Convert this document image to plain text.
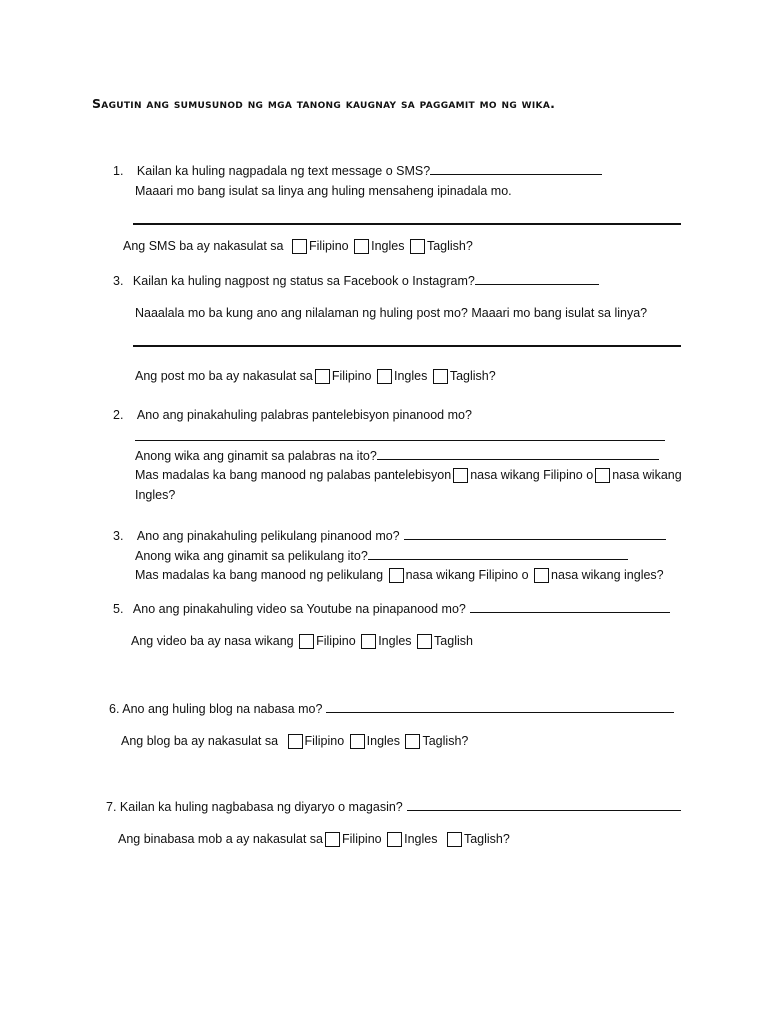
Sagutin ang sumusunod ng mga tanong kaugnay sa paggamit mo ng wika.
1. Kailan ka huling nagpadala ng text message o SMS?
Maaari mo bang isulat sa linya ang huling mensaheng ipinadala mo.
Ang SMS ba ay nakasulat sa Filipino Ingles Taglish?
3. Kailan ka huling nagpost ng status sa Facebook o Instagram?
Naaalala mo ba kung ano ang nilalaman ng huling post mo? Maaari mo bang isulat sa linya?
Ang post mo ba ay nakasulat sa Filipino Ingles Taglish?
2. Ano ang pinakahuling palabras pantelebisyon pinanood mo?
Anong wika ang ginamit sa palabras na ito?
Mas madalas ka bang manood ng palabas pantelebisyon nasa wikang Filipino o nasa wikang
Ingles?
3. Ano ang pinakahuling pelikulang pinanood mo?
Anong wika ang ginamit sa pelikulang ito?
Mas madalas ka bang manood ng pelikulang nasa wikang Filipino o nasa wikang ingles?
5. Ano ang pinakahuling video sa Youtube na pinapanood mo?
Ang video ba ay nasa wikang Filipino Ingles Taglish
6. Ano ang huling blog na nabasa mo?
Ang blog ba ay nakasulat sa Filipino Ingles Taglish?
7. Kailan ka huling nagbabasa ng diyaryo o magasin?
Ang binabasa mob a ay nakasulat sa Filipino Ingles Taglish?
